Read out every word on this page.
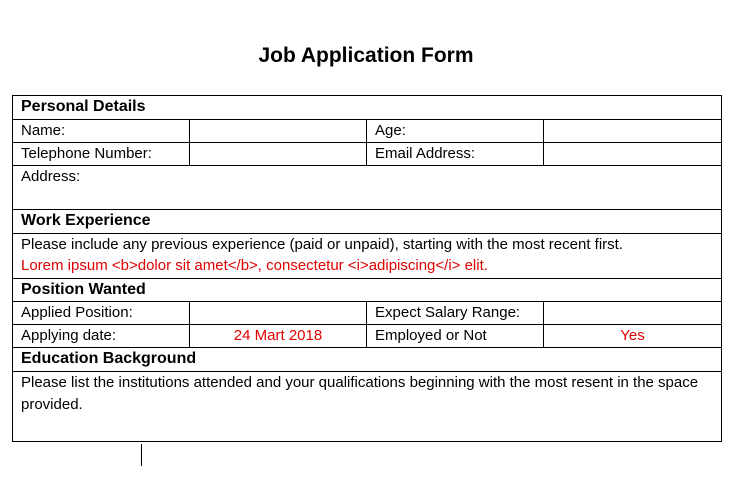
Job Application Form
Personal Details			
Name:		Age:	
Telephone Number:		Email Address:	
Address:			
Work Experience			

Please include any previous experience (paid or unpaid), starting with the most recent first.
Lorem ipsum <b>dolor sit amet</b>, consectetur <i>adipiscing</i> elit.			

Position Wanted			
Applied Position:		Expect Salary Range:	
Applying date:	24 Mart 2018	Employed or Not	Yes
Education Background			

Please list the institutions attended and your qualifications beginning with the most resent in the space provided.			
